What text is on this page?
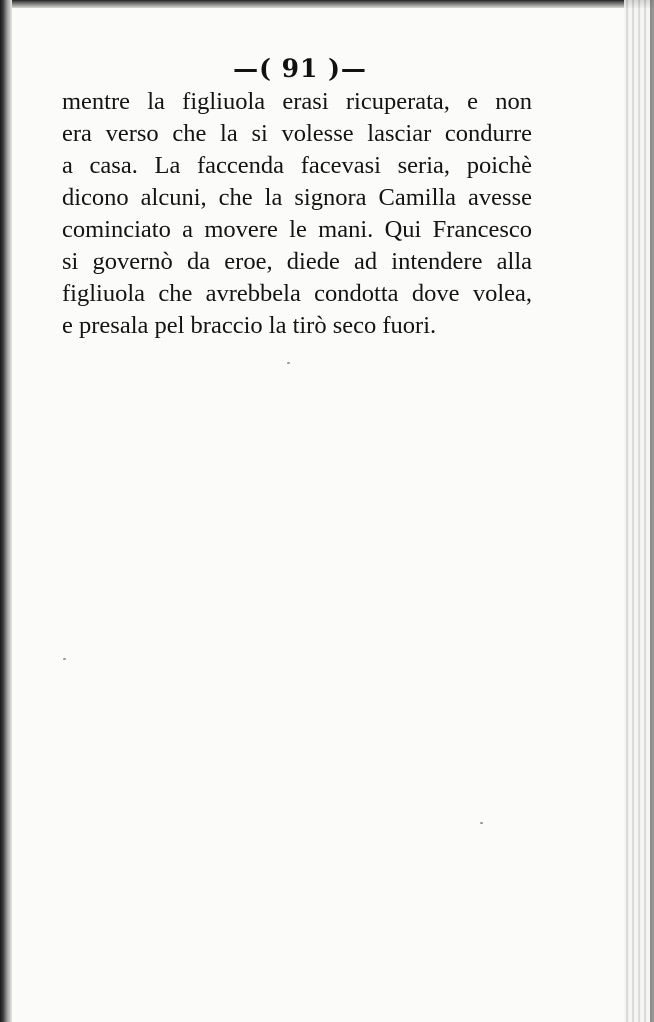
—( 91 )—
mentre la figliuola erasi ricuperata, e non
era verso che la si volesse lasciar condurre
a casa. La faccenda facevasi seria, poichè
dicono alcuni, che la signora Camilla avesse
cominciato a movere le mani. Qui Francesco
si governò da eroe, diede ad intendere alla
figliuola che avrebbela condotta dove volea,
e presala pel braccio la tirò seco fuori.
